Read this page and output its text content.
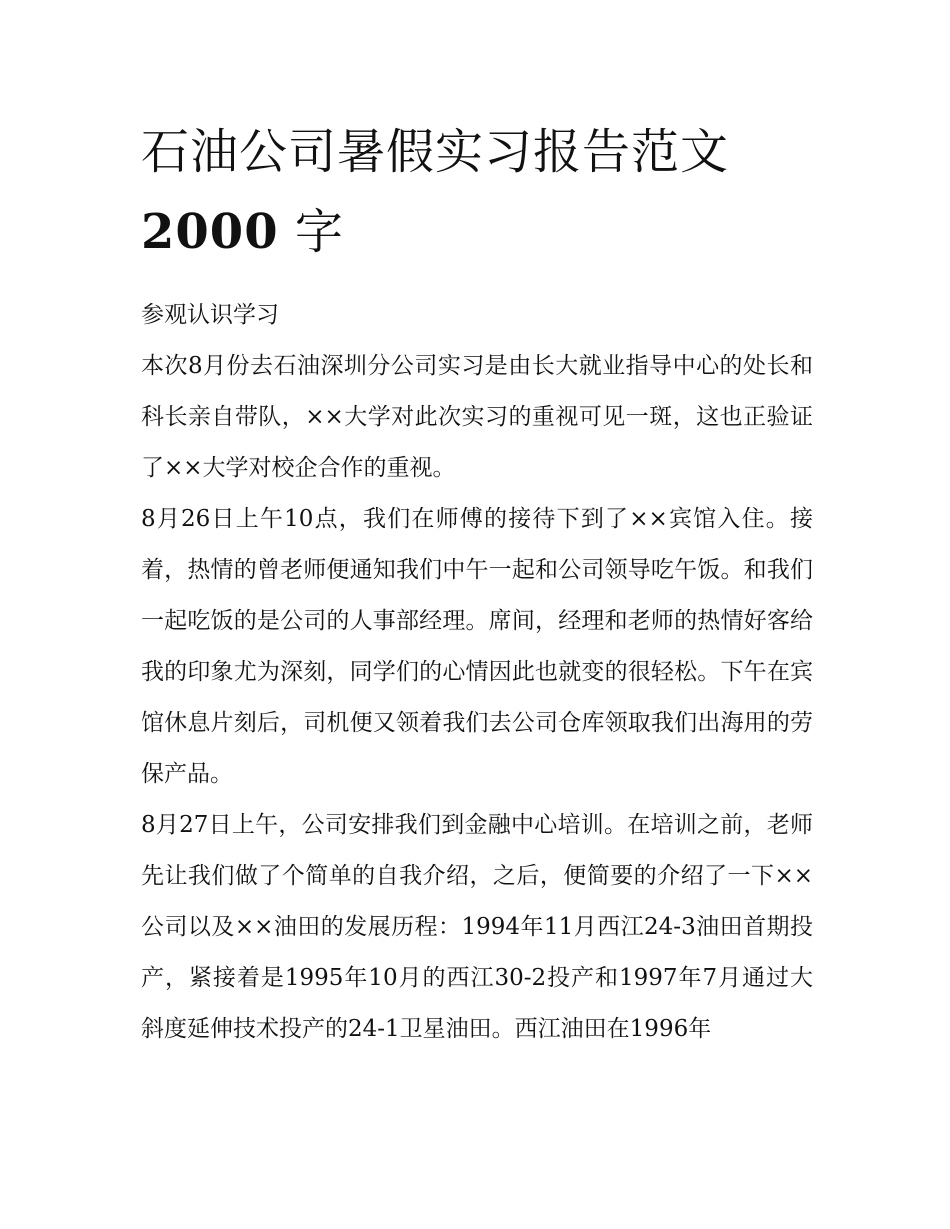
石油公司暑假实习报告范文
2000 字

参观认识学习

本次8月份去石油深圳分公司实习是由长大就业指导中心的处长和科长亲自带队，××大学对此次实习的重视可见一斑，这也正验证了××大学对校企合作的重视。

8月26日上午10点，我们在师傅的接待下到了××宾馆入住。接着，热情的曾老师便通知我们中午一起和公司领导吃午饭。和我们一起吃饭的是公司的人事部经理。席间，经理和老师的热情好客给我的印象尤为深刻，同学们的心情因此也就变的很轻松。下午在宾馆休息片刻后，司机便又领着我们去公司仓库领取我们出海用的劳保产品。

8月27日上午，公司安排我们到金融中心培训。在培训之前，老师先让我们做了个简单的自我介绍，之后，便简要的介绍了一下××公司以及××油田的发展历程：1994年11月西江24-3油田首期投产，紧接着是1995年10月的西江30-2投产和1997年7月通过大斜度延伸技术投产的24-1卫星油田。西江油田在1996年
